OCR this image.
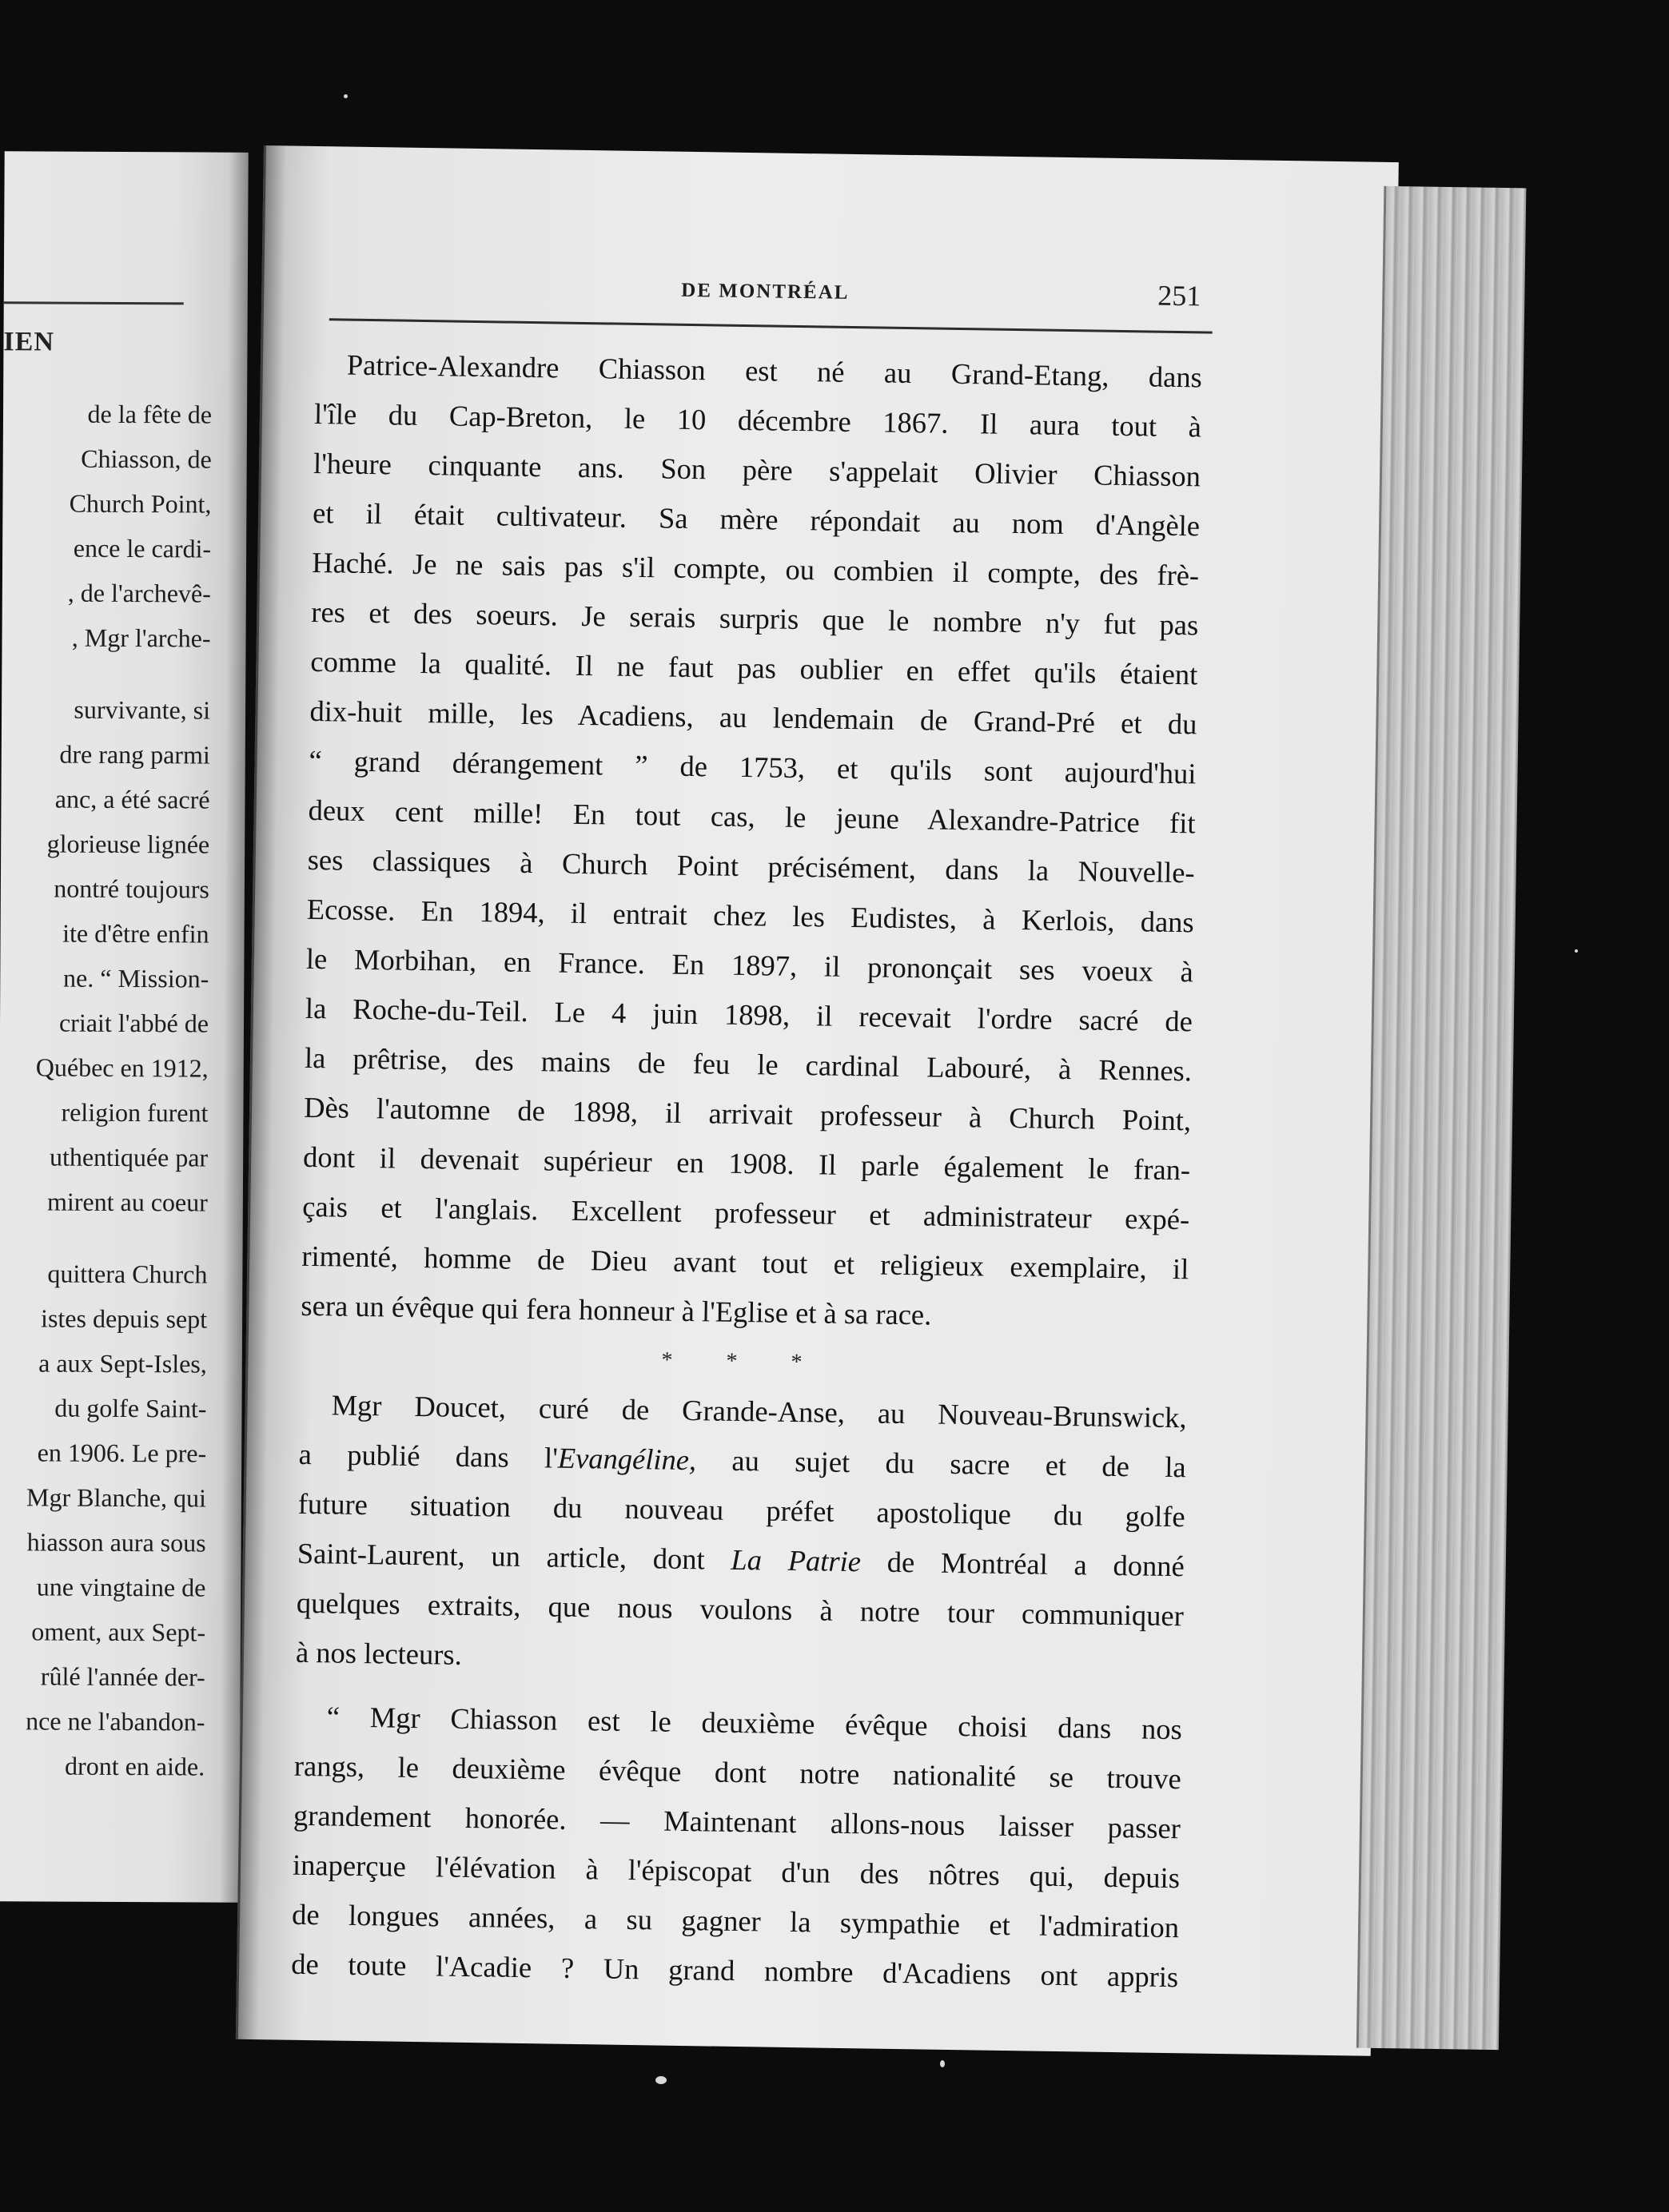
IEN
de la fête de
Chiasson, de
Church Point,
ence le cardi-
, de l'archevê-
, Mgr l'arche-
survivante, si
dre rang parmi
anc, a été sacré
glorieuse lignée
nontré toujours
ite d'être enfin
ne. “ Mission-
criait l'abbé de
Québec en 1912,
religion furent
uthentiquée par
mirent au coeur
quittera Church
istes depuis sept
a aux Sept-Isles,
du golfe Saint-
en 1906. Le pre-
Mgr Blanche, qui
hiasson aura sous
une vingtaine de
oment, aux Sept-
rûlé l'année der-
nce ne l'abandon-
dront en aide.
DE MONTRÉAL	251
Patrice-Alexandre Chiasson est né au Grand-Etang, dans
l'île du Cap-Breton, le 10 décembre 1867. Il aura tout à
l'heure cinquante ans. Son père s'appelait Olivier Chiasson
et il était cultivateur. Sa mère répondait au nom d'Angèle
Haché. Je ne sais pas s'il compte, ou combien il compte, des frè-
res et des soeurs. Je serais surpris que le nombre n'y fut pas
comme la qualité. Il ne faut pas oublier en effet qu'ils étaient
dix-huit mille, les Acadiens, au lendemain de Grand-Pré et du
“ grand dérangement ” de 1753, et qu'ils sont aujourd'hui
deux cent mille! En tout cas, le jeune Alexandre-Patrice fit
ses classiques à Church Point précisément, dans la Nouvelle-
Ecosse. En 1894, il entrait chez les Eudistes, à Kerlois, dans
le Morbihan, en France. En 1897, il prononçait ses voeux à
la Roche-du-Teil. Le 4 juin 1898, il recevait l'ordre sacré de
la prêtrise, des mains de feu le cardinal Labouré, à Rennes.
Dès l'automne de 1898, il arrivait professeur à Church Point,
dont il devenait supérieur en 1908. Il parle également le fran-
çais et l'anglais. Excellent professeur et administrateur expé-
rimenté, homme de Dieu avant tout et religieux exemplaire, il
sera un évêque qui fera honneur à l'Eglise et à sa race.
* * *
Mgr Doucet, curé de Grande-Anse, au Nouveau-Brunswick,
a publié dans l'Evangéline, au sujet du sacre et de la
future situation du nouveau préfet apostolique du golfe
Saint-Laurent, un article, dont La Patrie de Montréal a donné
quelques extraits, que nous voulons à notre tour communiquer
à nos lecteurs.
“ Mgr Chiasson est le deuxième évêque choisi dans nos
rangs, le deuxième évêque dont notre nationalité se trouve
grandement honorée. — Maintenant allons-nous laisser passer
inaperçue l'élévation à l'épiscopat d'un des nôtres qui, depuis
de longues années, a su gagner la sympathie et l'admiration
de toute l'Acadie ? Un grand nombre d'Acadiens ont appris
